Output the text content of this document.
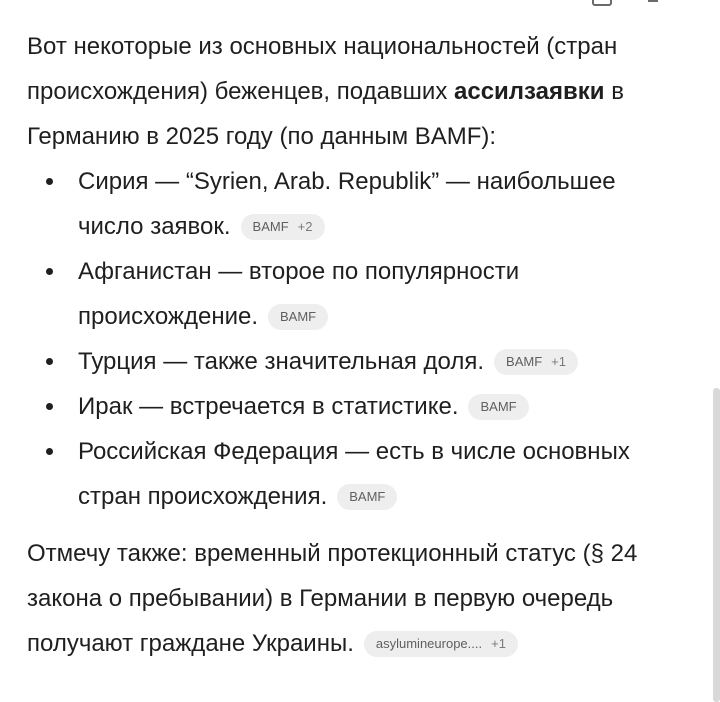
Вот некоторые из основных национальностей (стран происхождения) беженцев, подавших ассилзаявки в Германию в 2025 году (по данным BAMF):

Сирия — “Syrien, Arab. Republik” — наибольшее число заявок. BAMF +2
Афганистан — второе по популярности происхождение. BAMF
Турция — также значительная доля. BAMF +1
Ирак — встречается в статистике. BAMF
Российская Федерация — есть в числе основных стран происхождения. BAMF

Отмечу также: временный протекционный статус (§ 24 закона о пребывании) в Германии в первую очередь получают граждане Украины. asylumineurope.... +1
